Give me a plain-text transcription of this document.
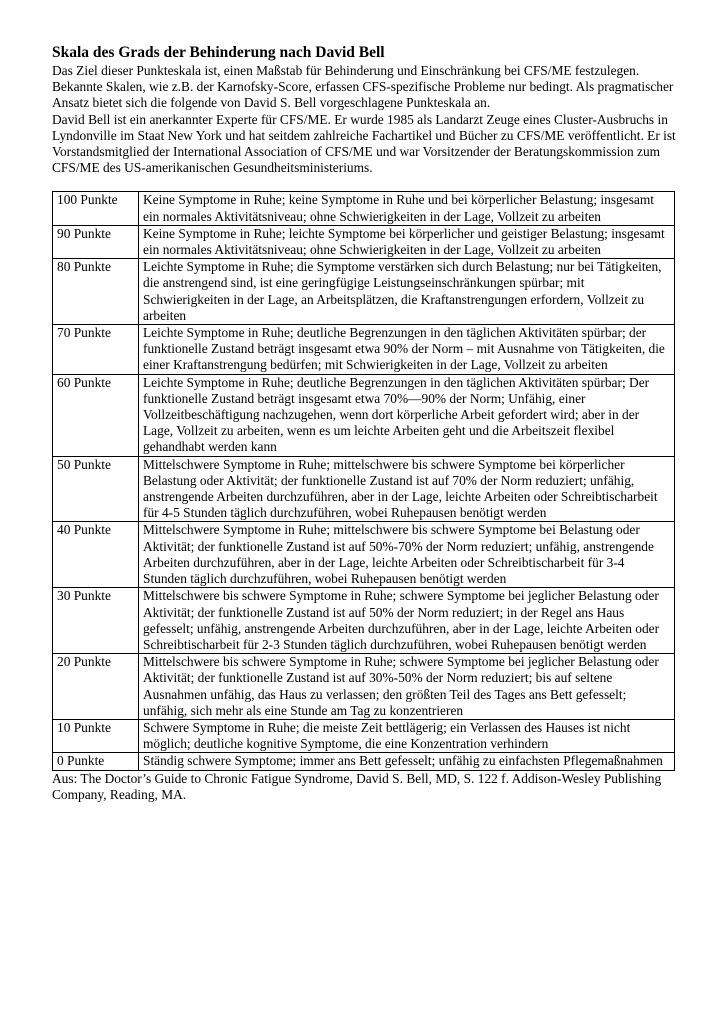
Skala des Grads der Behinderung nach David Bell

Das Ziel dieser Punkteskala ist, einen Maßstab für Behinderung und Einschränkung bei CFS/ME festzulegen. Bekannte Skalen, wie z.B. der Karnofsky-Score, erfassen CFS-spezifische Probleme nur bedingt. Als pragmatischer Ansatz bietet sich die folgende von David S. Bell vorgeschlagene Punkteskala an.

David Bell ist ein anerkannter Experte für CFS/ME. Er wurde 1985 als Landarzt Zeuge eines Cluster-Ausbruchs in Lyndonville im Staat New York und hat seitdem zahlreiche Fachartikel und Bücher zu CFS/ME veröffentlicht. Er ist Vorstandsmitglied der International Association of CFS/ME und war Vorsitzender der Beratungskommission zum CFS/ME des US-amerikanischen Gesundheitsministeriums.

100 Punkte	Keine Symptome in Ruhe; keine Symptome in Ruhe und bei körperlicher Belastung; insgesamt ein normales Aktivitätsniveau; ohne Schwierigkeiten in der Lage, Vollzeit zu arbeiten
90 Punkte	Keine Symptome in Ruhe; leichte Symptome bei körperlicher und geistiger Belastung; insgesamt ein normales Aktivitätsniveau; ohne Schwierigkeiten in der Lage, Vollzeit zu arbeiten
80 Punkte	Leichte Symptome in Ruhe; die Symptome verstärken sich durch Belastung; nur bei Tätigkeiten, die anstrengend sind, ist eine geringfügige Leistungseinschränkungen spürbar; mit Schwierigkeiten in der Lage, an Arbeitsplätzen, die Kraftanstrengungen erfordern, Vollzeit zu arbeiten
70 Punkte	Leichte Symptome in Ruhe; deutliche Begrenzungen in den täglichen Aktivitäten spürbar; der funktionelle Zustand beträgt insgesamt etwa 90% der Norm – mit Ausnahme von Tätigkeiten, die einer Kraftanstrengung bedürfen; mit Schwierigkeiten in der Lage, Vollzeit zu arbeiten
60 Punkte	Leichte Symptome in Ruhe; deutliche Begrenzungen in den täglichen Aktivitäten spürbar; Der funktionelle Zustand beträgt insgesamt etwa 70%—90% der Norm; Unfähig, einer Vollzeitbeschäftigung nachzugehen, wenn dort körperliche Arbeit gefordert wird; aber in der Lage, Vollzeit zu arbeiten, wenn es um leichte Arbeiten geht und die Arbeitszeit flexibel gehandhabt werden kann
50 Punkte	Mittelschwere Symptome in Ruhe; mittelschwere bis schwere Symptome bei körperlicher Belastung oder Aktivität; der funktionelle Zustand ist auf 70% der Norm reduziert; unfähig, anstrengende Arbeiten durchzuführen, aber in der Lage, leichte Arbeiten oder Schreibtischarbeit für 4-5 Stunden täglich durchzuführen, wobei Ruhepausen benötigt werden
40 Punkte	Mittelschwere Symptome in Ruhe; mittelschwere bis schwere Symptome bei Belastung oder Aktivität; der funktionelle Zustand ist auf 50%-70% der Norm reduziert; unfähig, anstrengende Arbeiten durchzuführen, aber in der Lage, leichte Arbeiten oder Schreibtischarbeit für 3-4 Stunden täglich durchzuführen, wobei Ruhepausen benötigt werden
30 Punkte	Mittelschwere bis schwere Symptome in Ruhe; schwere Symptome bei jeglicher Belastung oder Aktivität; der funktionelle Zustand ist auf 50% der Norm reduziert; in der Regel ans Haus gefesselt; unfähig, anstrengende Arbeiten durchzuführen, aber in der Lage, leichte Arbeiten oder Schreibtischarbeit für 2-3 Stunden täglich durchzuführen, wobei Ruhepausen benötigt werden
20 Punkte	Mittelschwere bis schwere Symptome in Ruhe; schwere Symptome bei jeglicher Belastung oder Aktivität; der funktionelle Zustand ist auf 30%-50% der Norm reduziert; bis auf seltene Ausnahmen unfähig, das Haus zu verlassen; den größten Teil des Tages ans Bett gefesselt; unfähig, sich mehr als eine Stunde am Tag zu konzentrieren
10 Punkte	Schwere Symptome in Ruhe; die meiste Zeit bettlägerig; ein Verlassen des Hauses ist nicht möglich; deutliche kognitive Symptome, die eine Konzentration verhindern
0 Punkte	Ständig schwere Symptome; immer ans Bett gefesselt; unfähig zu einfachsten Pflegemaßnahmen

Aus: The Doctor’s Guide to Chronic Fatigue Syndrome, David S. Bell, MD, S. 122 f. Addison-Wesley Publishing Company, Reading, MA.
